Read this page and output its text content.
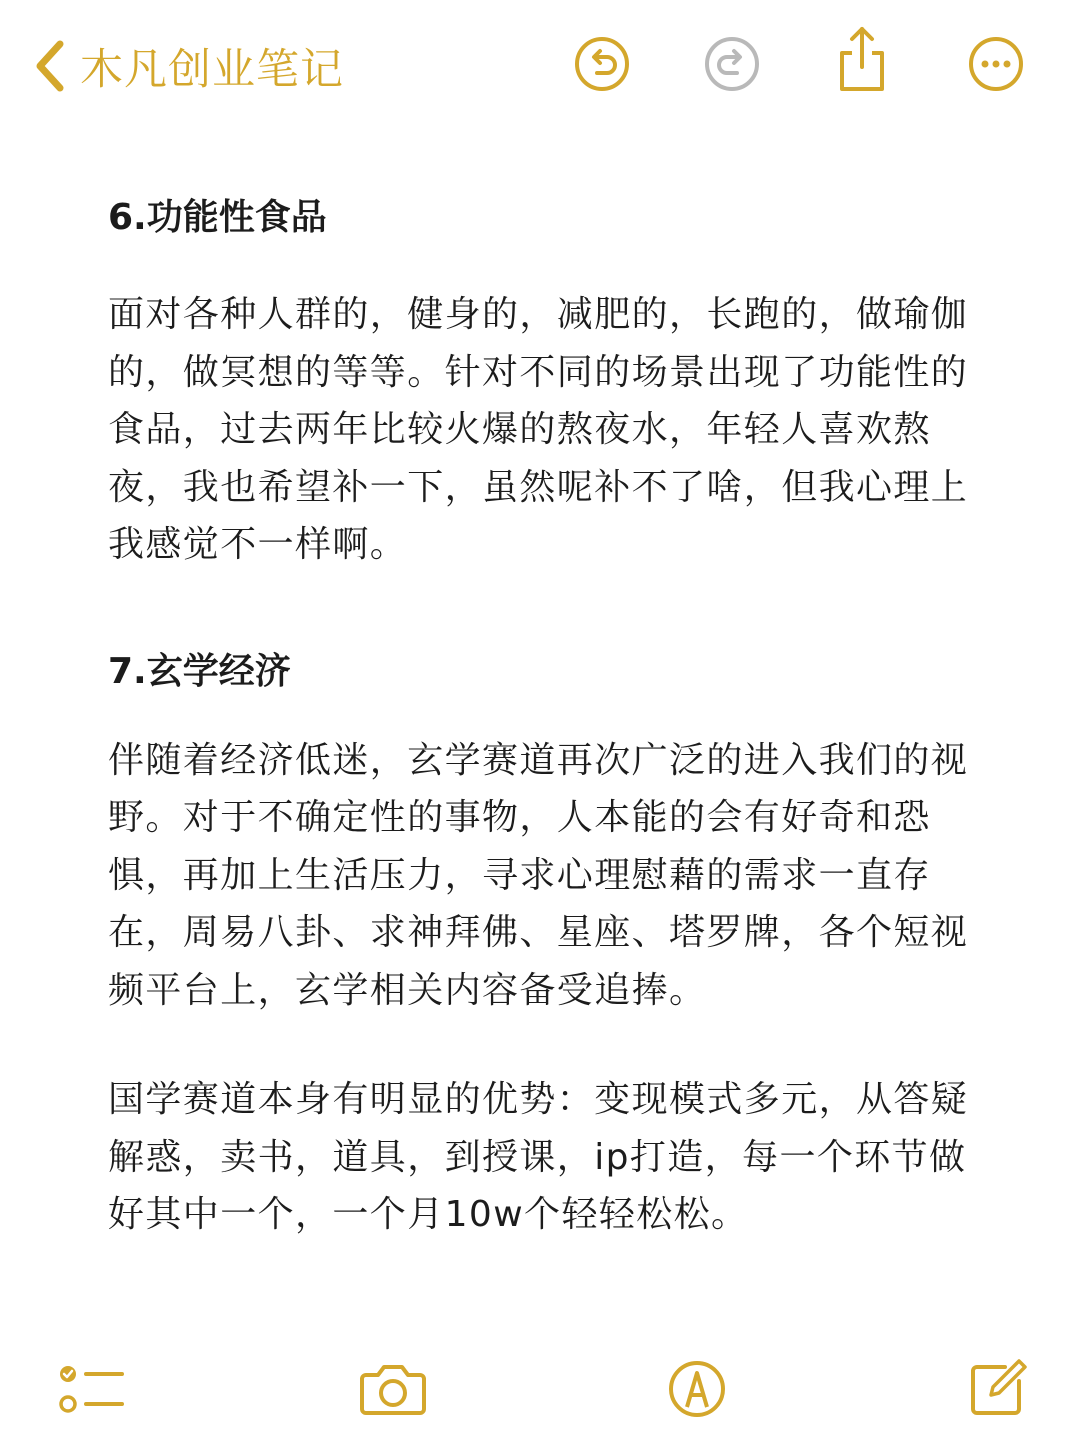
木凡创业笔记

6.功能性食品

面对各种人群的，健身的，减肥的，长跑的，做瑜伽的，做冥想的等等。针对不同的场景出现了功能性的食品，过去两年比较火爆的熬夜水，年轻人喜欢熬夜，我也希望补一下，虽然呢补不了啥，但我心理上我感觉不一样啊。

7.玄学经济

伴随着经济低迷，玄学赛道再次广泛的进入我们的视野。对于不确定性的事物，人本能的会有好奇和恐惧，再加上生活压力，寻求心理慰藉的需求一直存在，周易八卦、求神拜佛、星座、塔罗牌，各个短视频平台上，玄学相关内容备受追捧。

国学赛道本身有明显的优势：变现模式多元，从答疑解惑，卖书，道具，到授课，ip打造，每一个环节做好其中一个，一个月10w个轻轻松松。
